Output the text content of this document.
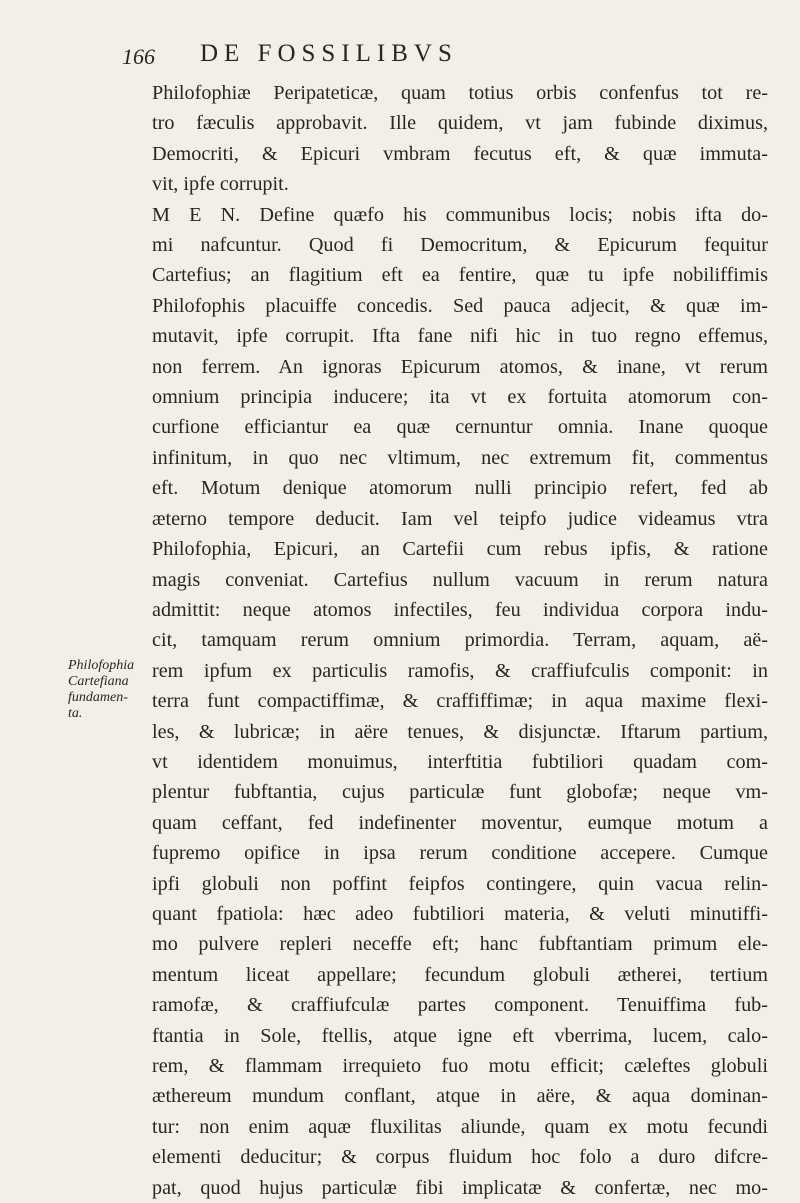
166 DE FOSSILIBVS
Philofophia
Cartefiana
fundamen-
ta.
Philofophiæ Peripateticæ, quam totius orbis confenfus tot re-
tro fæculis approbavit. Ille quidem, vt jam fubinde diximus,
Democriti, & Epicuri vmbram fecutus eft, & quæ immuta-
vit, ipfe corrupit.
M E N. Define quæfo his communibus locis; nobis ifta do-
mi nafcuntur. Quod fi Democritum, & Epicurum fequitur
Cartefius; an flagitium eft ea fentire, quæ tu ipfe nobiliffimis
Philofophis placuiffe concedis. Sed pauca adjecit, & quæ im-
mutavit, ipfe corrupit. Ifta fane nifi hic in tuo regno effemus,
non ferrem. An ignoras Epicurum atomos, & inane, vt rerum
omnium principia inducere; ita vt ex fortuita atomorum con-
curfione efficiantur ea quæ cernuntur omnia. Inane quoque
infinitum, in quo nec vltimum, nec extremum fit, commentus
eft. Motum denique atomorum nulli principio refert, fed ab
æterno tempore deducit. Iam vel teipfo judice videamus vtra
Philofophia, Epicuri, an Cartefii cum rebus ipfis, & ratione
magis conveniat. Cartefius nullum vacuum in rerum natura
admittit: neque atomos infectiles, feu individua corpora indu-
cit, tamquam rerum omnium primordia. Terram, aquam, aë-
rem ipfum ex particulis ramofis, & craffiufculis componit: in
terra funt compactiffimæ, & craffiffimæ; in aqua maxime flexi-
les, & lubricæ; in aëre tenues, & disjunctæ. Iftarum partium,
vt identidem monuimus, interftitia fubtiliori quadam com-
plentur fubftantia, cujus particulæ funt globofæ; neque vm-
quam ceffant, fed indefinenter moventur, eumque motum a
fupremo opifice in ipsa rerum conditione accepere. Cumque
ipfi globuli non poffint feipfos contingere, quin vacua relin-
quant fpatiola: hæc adeo fubtiliori materia, & veluti minutiffi-
mo pulvere repleri neceffe eft; hanc fubftantiam primum ele-
mentum liceat appellare; fecundum globuli ætherei, tertium
ramofæ, & craffiufculæ partes component. Tenuiffima fub-
ftantia in Sole, ftellis, atque igne eft vberrima, lucem, calo-
rem, & flammam irrequieto fuo motu efficit; cæleftes globuli
æthereum mundum conflant, atque in aëre, & aqua dominan-
tur: non enim aquæ fluxilitas aliunde, quam ex motu fecundi
elementi deducitur; & corpus fluidum hoc folo a duro difcre-
pat, quod hujus particulæ fibi implicatæ & confertæ, nec mo-
